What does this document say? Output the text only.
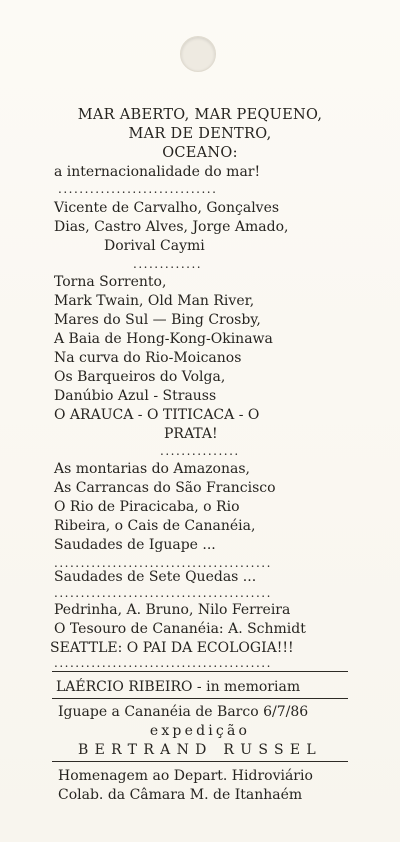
MAR ABERTO, MAR PEQUENO,
MAR DE DENTRO,
OCEANO:
a internacionalidade do mar!
..............................
Vicente de Carvalho, Gonçalves
Dias, Castro Alves, Jorge Amado,
Dorival Caymi
.............
Torna Sorrento,
Mark Twain, Old Man River,
Mares do Sul — Bing Crosby,
A Baia de Hong-Kong-Okinawa
Na curva do Rio-Moicanos
Os Barqueiros do Volga,
Danúbio Azul - Strauss
O ARAUCA - O TITICACA - O
PRATA!
...............
As montarias do Amazonas,
As Carrancas do São Francisco
O Rio de Piracicaba, o Rio
Ribeira, o Cais de Cananéia,
Saudades de Iguape ...
.........................................
Saudades de Sete Quedas ...
.........................................
Pedrinha, A. Bruno, Nilo Ferreira
O Tesouro de Cananéia: A. Schmidt
SEATTLE: O PAI DA ECOLOGIA!!!
.........................................
LAÉRCIO RIBEIRO - in memoriam
Iguape a Cananéia de Barco 6/7/86
expedição
BERTRAND RUSSEL
Homenagem ao Depart. Hidroviário
Colab. da Câmara M. de Itanhaém
